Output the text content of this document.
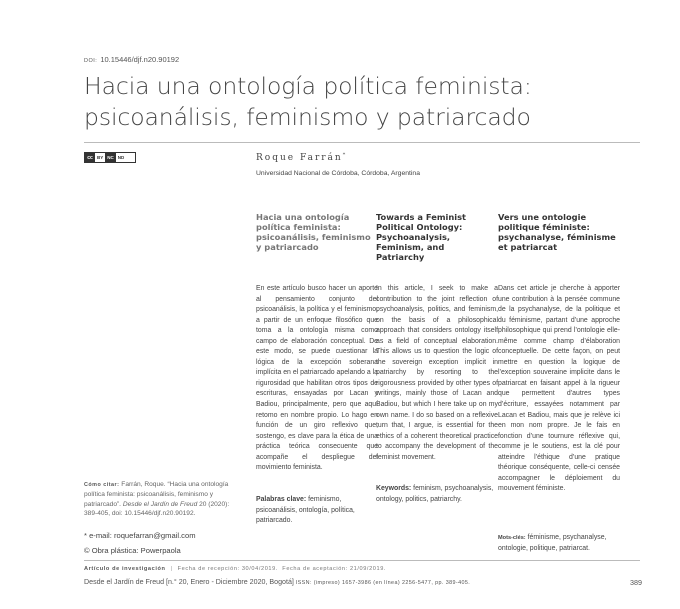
DOI: 10.15446/djf.n20.90192
Hacia una ontología política feminista:
psicoanálisis, feminismo y patriarcado
cc BY NC ND	Roque Farrán*
Universidad Nacional de Córdoba, Córdoba, Argentina
Hacia una ontología
política feminista:
psicoanálisis, feminismo
y patriarcado
Towards a Feminist
Political Ontology:
Psychoanalysis,
Feminism, and
Patriarchy
Vers une ontologie
politique féministe:
psychanalyse, féminisme
et patriarcat

En este artículo busco hacer un aporte al pensamiento conjunto del psicoanálisis, la política y el feminismo, a partir de un enfoque filosófico que toma a la ontología misma como campo de elaboración conceptual. De este modo, se puede cuestionar la lógica de la excepción soberana implícita en el patriarcado apelando a la rigurosidad que habilitan otros tipos de escrituras, ensayadas por Lacan y Badiou, principalmente, pero que aquí retomo en nombre propio. Lo hago en función de un giro reflexivo que, sostengo, es clave para la ética de una práctica teórica consecuente que acompañe el despliegue del movimiento feminista.

In this article, I seek to make a contribution to the joint reflection of psychoanalysis, politics, and feminism, on the basis of a philosophical approach that considers ontology itself as a field of conceptual elaboration. This allows us to question the logic of the sovereign exception implicit in patriarchy by resorting to the rigorousness provided by other types of writings, mainly those of Lacan and Badiou, but which I here take up on my own name. I do so based on a reflexive turn that, I argue, is essential for the ethics of a coherent theoretical practice to accompany the development of the feminist movement.

Dans cet article je cherche à apporter une contribution à la pensée commune de la psychanalyse, de la politique et du féminisme, partant d’une approche philosophique qui prend l’ontologie elle-même comme champ d’élaboration conceptuelle. De cette façon, on peut mettre en question la logique de l’exception souveraine implicite dans le patriarcat en faisant appel à la rigueur que permettent d’autres types d’écriture, essayées notamment par Lacan et Badiou, mais que je relève ici en mon nom propre. Je le fais en fonction d’une tournure réflexive qui, comme je le soutiens, est la clé pour atteindre l’éthique d’une pratique théorique conséquente, celle-ci censée accompagner le déploiement du mouvement féministe.

Palabras clave: feminismo, psicoanálisis, ontología, política, patriarcado.

Keywords: feminism, psychoanalysis, ontology, politics, patriarchy.

Mots-clés: féminisme, psychanalyse, ontologie, politique, patriarcat.

Cómo citar: Farrán, Roque. “Hacia una ontología política feminista: psicoanálisis, feminismo y patriarcado”. Desde el Jardín de Freud 20 (2020): 389-405, doi: 10.15446/djf.n20.90192.

* e-mail: roquefarran@gmail.com

© Obra plástica: Powerpaola

Artículo de investigación | Fecha de recepción: 30/04/2019. Fecha de aceptación: 21/09/2019.
Desde el Jardín de Freud [n.° 20, Enero - Diciembre 2020, Bogotá] ISSN: (impreso) 1657-3986 (en línea) 2256-5477, pp. 389-405.	389
